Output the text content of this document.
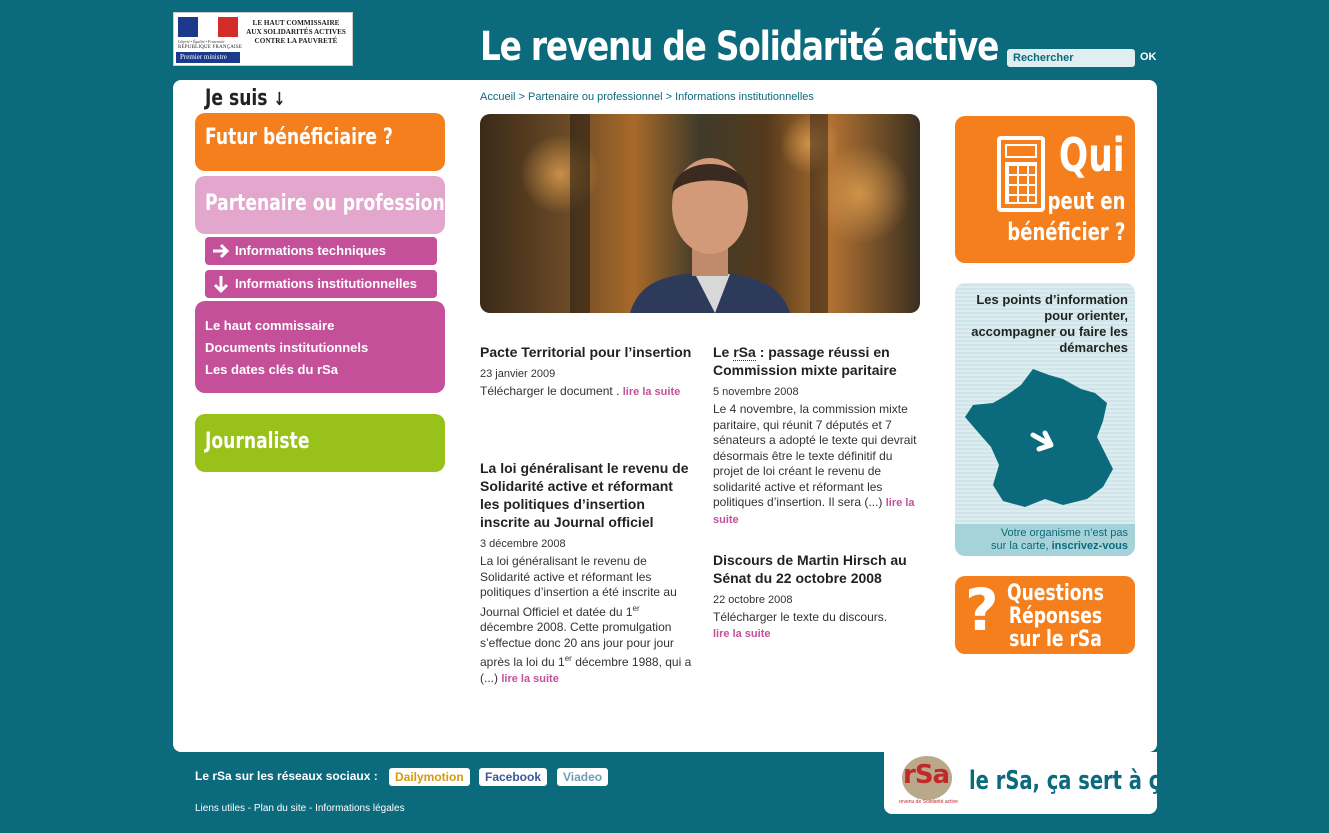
Liberté • Égalité • Fraternité
RÉPUBLIQUE FRANÇAISE
LE HAUT COMMISSAIRE
AUX SOLIDARITÉS ACTIVES
CONTRE LA PAUVRETÉ
Premier ministre	Le revenu de Solidarité active
Rechercher	OK
Je suis ↓
Futur bénéficiaire ?
Partenaire ou professionnel
Informations techniques
Informations institutionnelles
Le haut commissaire
Documents institutionnels
Les dates clés du rSa
Journaliste
Accueil > Partenaire ou professionnel > Informations institutionnelles
Pacte Territorial pour l’insertion
23 janvier 2009
Télécharger le document . lire la suite
La loi généralisant le revenu de Solidarité active et réformant les politiques d’insertion inscrite au Journal officiel
3 décembre 2008
La loi généralisant le revenu de Solidarité active et réformant les politiques d’insertion a été inscrite au Journal Officiel et datée du 1er décembre 2008. Cette promulgation s’effectue donc 20 ans jour pour jour après la loi du 1er décembre 1988, qui a (...) lire la suite
Le rSa : passage réussi en Commission mixte paritaire
5 novembre 2008
Le 4 novembre, la commission mixte paritaire, qui réunit 7 députés et 7 sénateurs a adopté le texte qui devrait désormais être le texte définitif du projet de loi créant le revenu de solidarité active et réformant les politiques d’insertion. Il sera (...) lire la suite
Discours de Martin Hirsch au Sénat du 22 octobre 2008
22 octobre 2008
Télécharger le texte du discours.
lire la suite
Qui
peut en
bénéficier ?
Les points d’information pour orienter, accompagner ou faire les démarches
Votre organisme n’est pas
sur la carte, inscrivez-vous
? Questions
Réponses
sur le rSa
Le rSa sur les réseaux sociaux :	Dailymotion	Facebook	Viadeo
Liens utiles - Plan du site - Informations légales
rSa
revenu de Solidarité active
le rSa, ça sert à ça
